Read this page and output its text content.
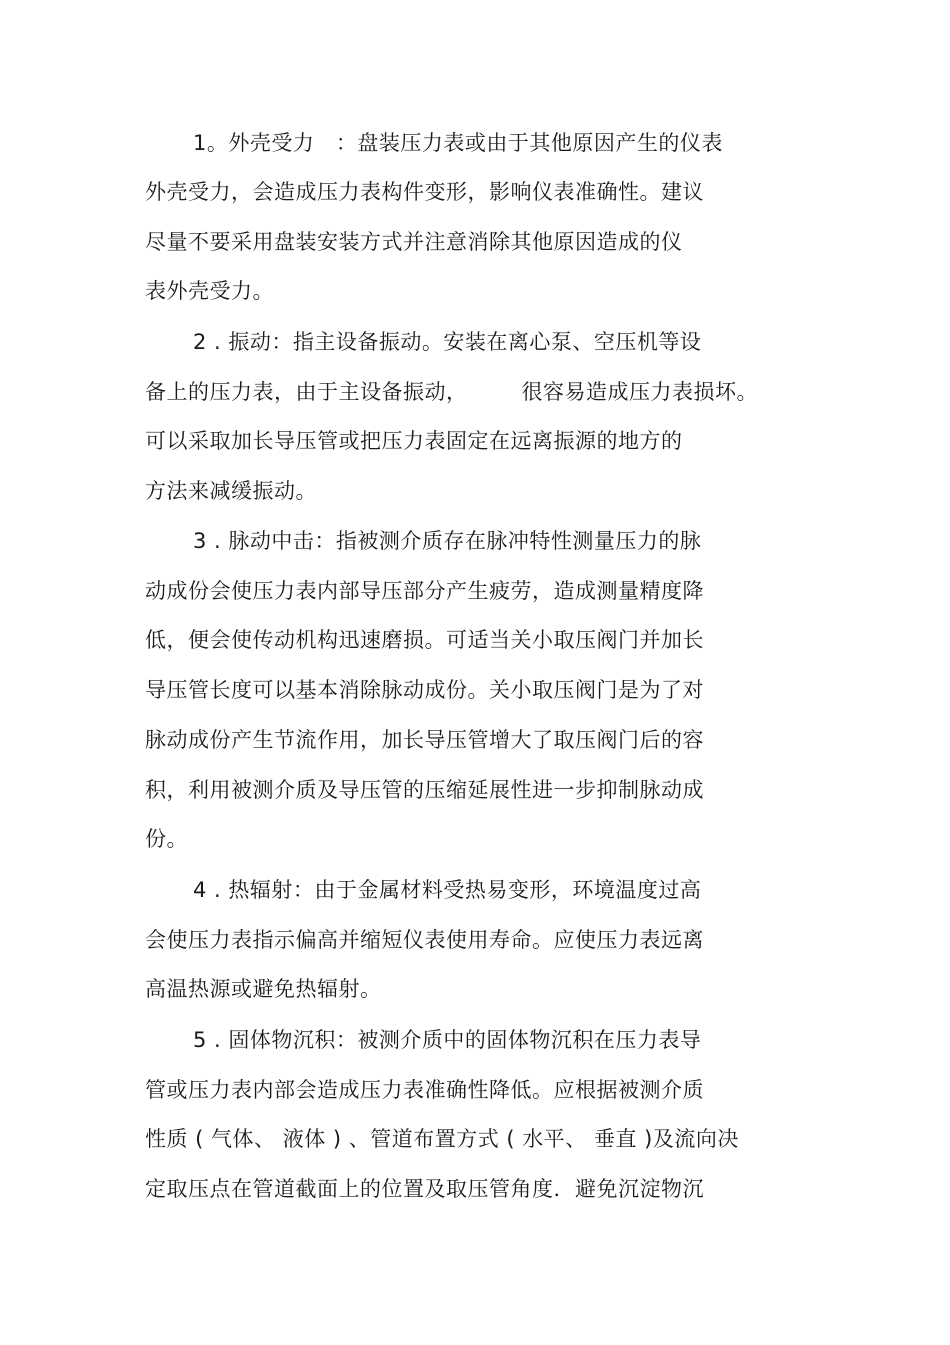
1。外壳受力　：盘装压力表或由于其他原因产生的仪表
外壳受力，会造成压力表构件变形，影响仪表准确性。建议
尽量不要采用盘装安装方式并注意消除其他原因造成的仪
表外壳受力。
2 . 振动：指主设备振动。安装在离心泵、空压机等设
备上的压力表，由于主设备振动，　　　很容易造成压力表损坏。
可以采取加长导压管或把压力表固定在远离振源的地方的
方法来减缓振动。
3 . 脉动中击：指被测介质存在脉冲特性测量压力的脉
动成份会使压力表内部导压部分产生疲劳，造成测量精度降
低，便会使传动机构迅速磨损。可适当关小取压阀门并加长
导压管长度可以基本消除脉动成份。关小取压阀门是为了对
脉动成份产生节流作用，加长导压管增大了取压阀门后的容
积，利用被测介质及导压管的压缩延展性进一步抑制脉动成
份。
4 . 热辐射：由于金属材料受热易变形，环境温度过高
会使压力表指示偏高并缩短仪表使用寿命。应使压力表远离
高温热源或避免热辐射。
5 . 固体物沉积：被测介质中的固体物沉积在压力表导
管或压力表内部会造成压力表准确性降低。应根据被测介质
性质 ( 气体、 液体 ) 、管道布置方式 ( 水平、 垂直 )及流向决
定取压点在管道截面上的位置及取压管角度．避免沉淀物沉
